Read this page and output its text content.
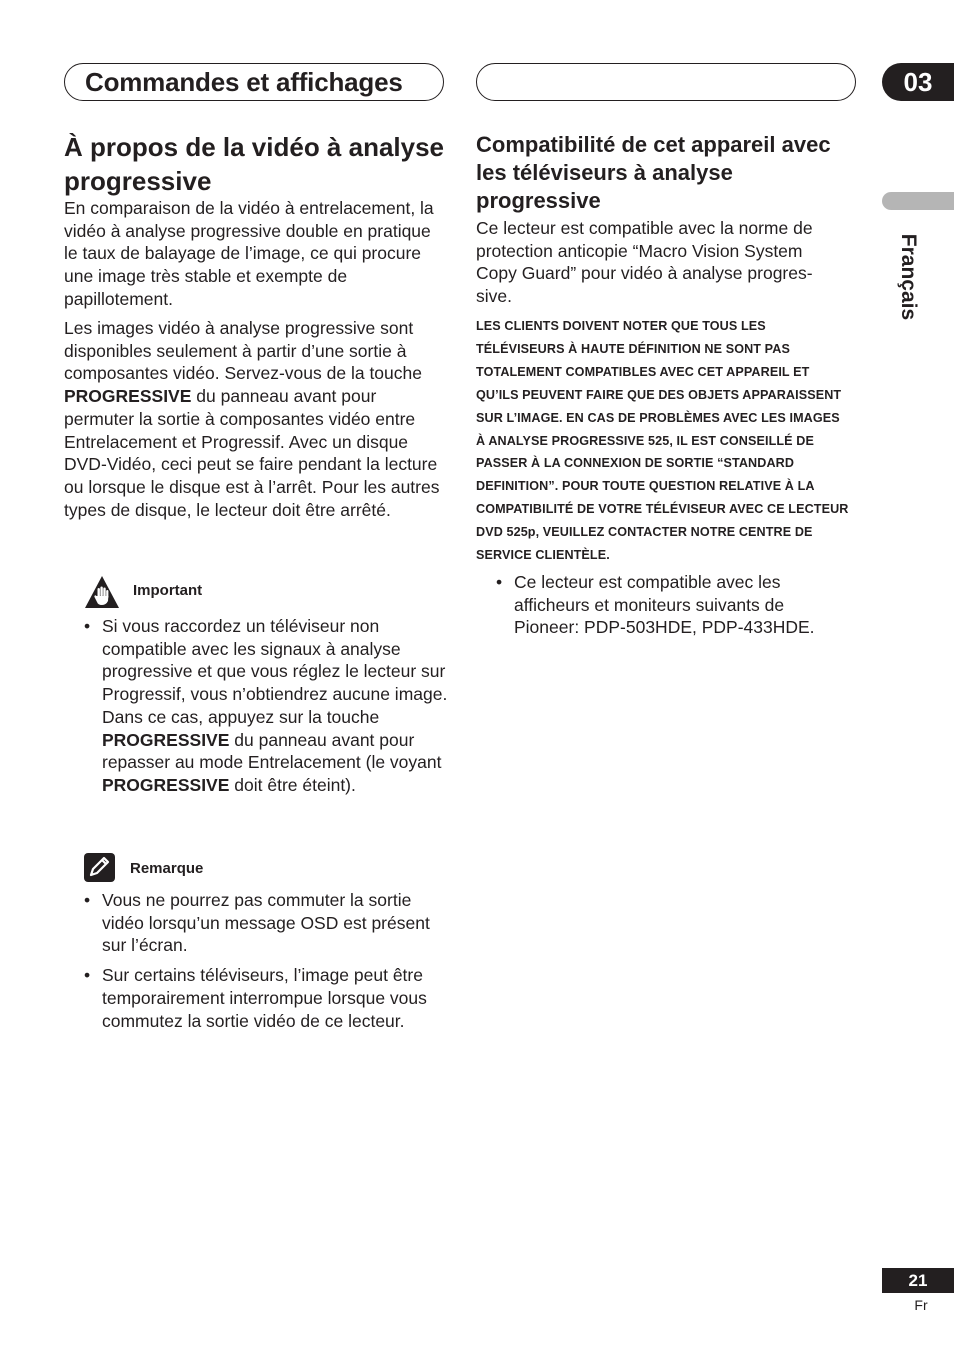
Commandes et affichages	03
Français
À propos de la vidéo à analyse progressive

En comparaison de la vidéo à entrelacement, la vidéo à analyse progressive double en pratique le taux de balayage de l’image, ce qui procure une image très stable et exempte de papillotement.

Les images vidéo à analyse progressive sont disponibles seulement à partir d’une sortie à composantes vidéo. Servez-vous de la touche PROGRESSIVE du panneau avant pour permuter la sortie à composantes vidéo entre Entrelacement et Progressif. Avec un disque DVD-Vidéo, ceci peut se faire pendant la lecture ou lorsque le disque est à l’arrêt. Pour les autres types de disque, le lecteur doit être arrêté.

Important
• Si vous raccordez un téléviseur non compatible avec les signaux à analyse progressive et que vous réglez le lecteur sur Progressif, vous n’obtiendrez aucune image. Dans ce cas, appuyez sur la touche PROGRESSIVE du panneau avant pour repasser au mode Entrelacement (le voyant PROGRESSIVE doit être éteint).
Remarque
• Vous ne pourrez pas commuter la sortie vidéo lorsqu’un message OSD est présent sur l’écran.
• Sur certains téléviseurs, l’image peut être temporairement interrompue lorsque vous commutez la sortie vidéo de ce lecteur.
Compatibilité de cet appareil avec les téléviseurs à analyse progressive

Ce lecteur est compatible avec la norme de protection anticopie “Macro Vision System Copy Guard” pour vidéo à analyse progres-sive.

LES CLIENTS DOIVENT NOTER QUE TOUS LES TÉLÉVISEURS À HAUTE DÉFINITION NE SONT PAS TOTALEMENT COMPATIBLES AVEC CET APPAREIL ET QU’ILS PEUVENT FAIRE QUE DES OBJETS APPARAISSENT SUR L’IMAGE. EN CAS DE PROBLÈMES AVEC LES IMAGES À ANALYSE PROGRESSIVE 525, IL EST CONSEILLÉ DE PASSER À LA CONNEXION DE SORTIE “STANDARD DEFINITION”. POUR TOUTE QUESTION RELATIVE À LA COMPATIBILITÉ DE VOTRE TÉLÉVISEUR AVEC CE LECTEUR DVD 525p, VEUILLEZ CONTACTER NOTRE CENTRE DE SERVICE CLIENTÈLE.

• Ce lecteur est compatible avec les afficheurs et moniteurs suivants de Pioneer: PDP-503HDE, PDP-433HDE.
21
Fr
